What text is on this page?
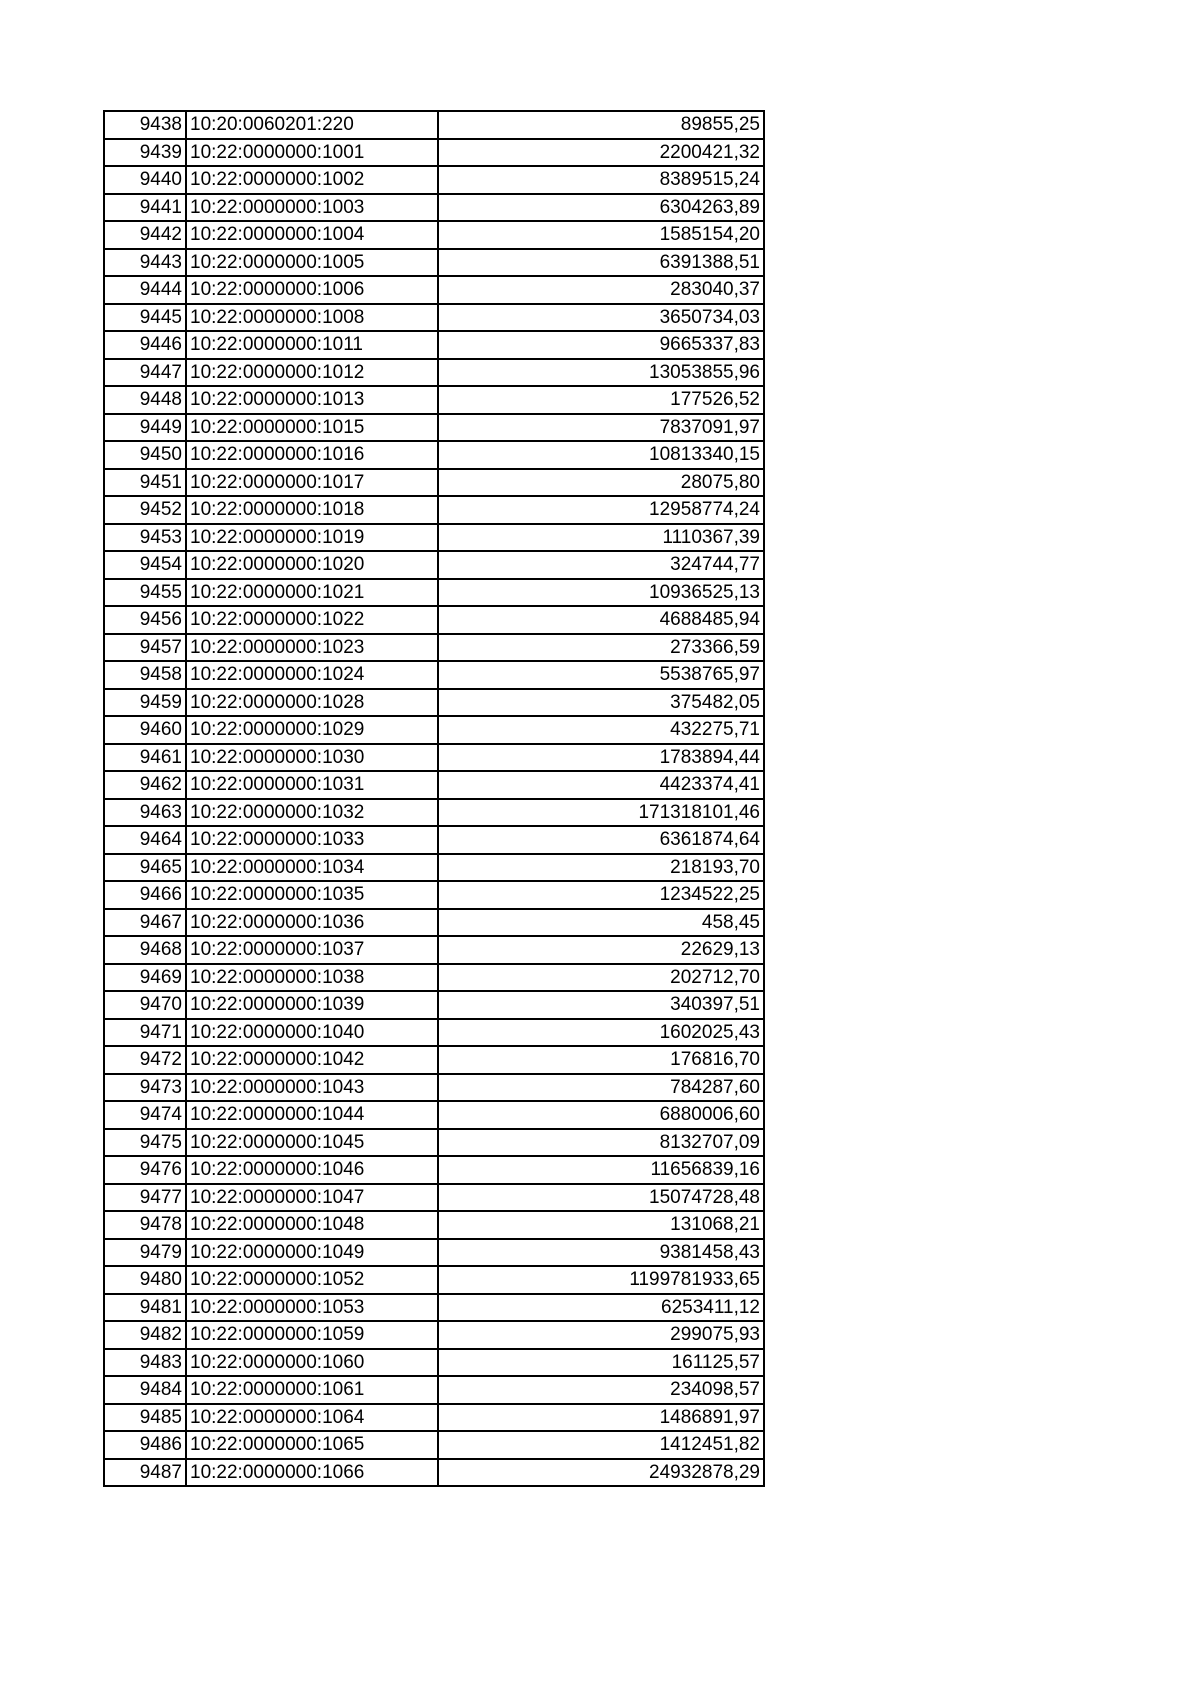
9438	10:20:0060201:220	89855,25
9439	10:22:0000000:1001	2200421,32
9440	10:22:0000000:1002	8389515,24
9441	10:22:0000000:1003	6304263,89
9442	10:22:0000000:1004	1585154,20
9443	10:22:0000000:1005	6391388,51
9444	10:22:0000000:1006	283040,37
9445	10:22:0000000:1008	3650734,03
9446	10:22:0000000:1011	9665337,83
9447	10:22:0000000:1012	13053855,96
9448	10:22:0000000:1013	177526,52
9449	10:22:0000000:1015	7837091,97
9450	10:22:0000000:1016	10813340,15
9451	10:22:0000000:1017	28075,80
9452	10:22:0000000:1018	12958774,24
9453	10:22:0000000:1019	1110367,39
9454	10:22:0000000:1020	324744,77
9455	10:22:0000000:1021	10936525,13
9456	10:22:0000000:1022	4688485,94
9457	10:22:0000000:1023	273366,59
9458	10:22:0000000:1024	5538765,97
9459	10:22:0000000:1028	375482,05
9460	10:22:0000000:1029	432275,71
9461	10:22:0000000:1030	1783894,44
9462	10:22:0000000:1031	4423374,41
9463	10:22:0000000:1032	171318101,46
9464	10:22:0000000:1033	6361874,64
9465	10:22:0000000:1034	218193,70
9466	10:22:0000000:1035	1234522,25
9467	10:22:0000000:1036	458,45
9468	10:22:0000000:1037	22629,13
9469	10:22:0000000:1038	202712,70
9470	10:22:0000000:1039	340397,51
9471	10:22:0000000:1040	1602025,43
9472	10:22:0000000:1042	176816,70
9473	10:22:0000000:1043	784287,60
9474	10:22:0000000:1044	6880006,60
9475	10:22:0000000:1045	8132707,09
9476	10:22:0000000:1046	11656839,16
9477	10:22:0000000:1047	15074728,48
9478	10:22:0000000:1048	131068,21
9479	10:22:0000000:1049	9381458,43
9480	10:22:0000000:1052	1199781933,65
9481	10:22:0000000:1053	6253411,12
9482	10:22:0000000:1059	299075,93
9483	10:22:0000000:1060	161125,57
9484	10:22:0000000:1061	234098,57
9485	10:22:0000000:1064	1486891,97
9486	10:22:0000000:1065	1412451,82
9487	10:22:0000000:1066	24932878,29
